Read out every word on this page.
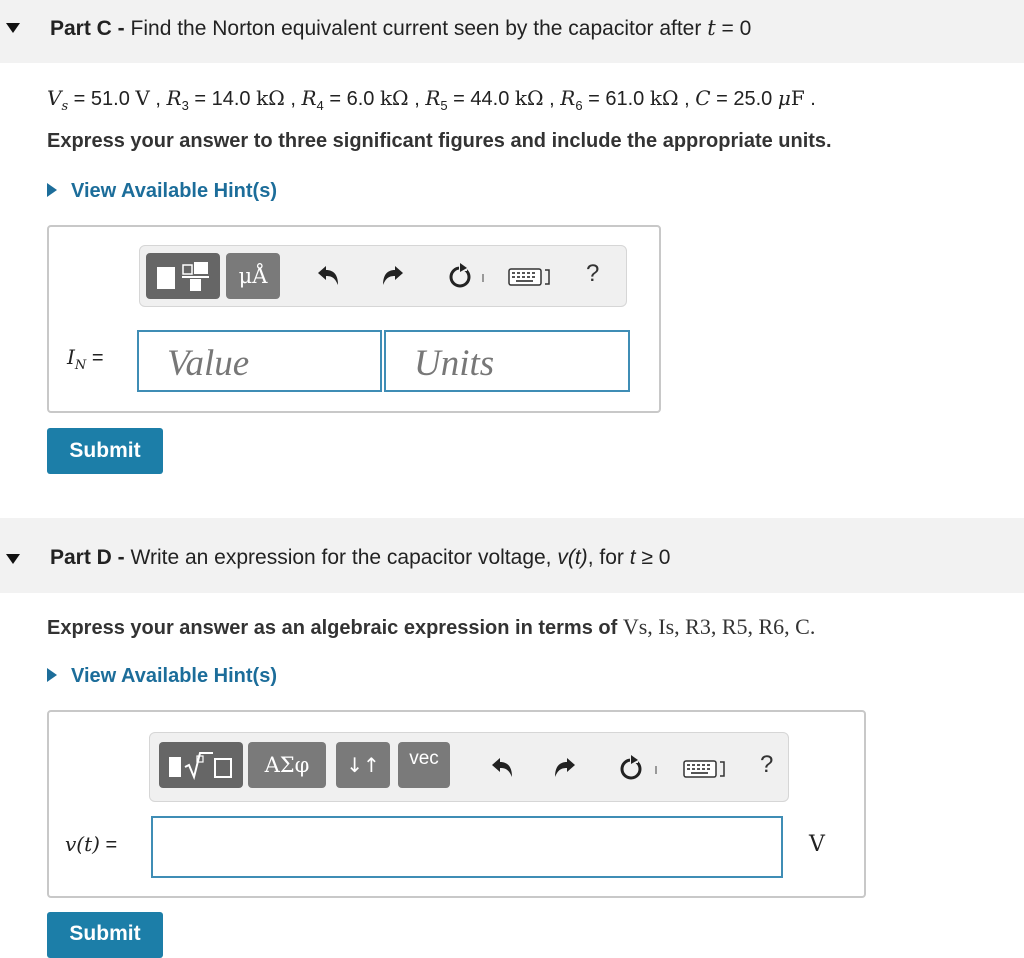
Part C - Find the Norton equivalent current seen by the capacitor after t = 0
$V_s = 51.0$ V , $R_3 = 14.0$ kΩ , $R_4 = 6.0$ kΩ , $R_5 = 44.0$ kΩ , $R_6 = 61.0$ kΩ , C = 25.0 μF .
Express your answer to three significant figures and include the appropriate units.
View Available Hint(s)
μÅ	?
$I_N$ = Value	Units
Submit
Part D - Write an expression for the capacitor voltage, v(t), for t ≥ 0
Express your answer as an algebraic expression in terms of Vs, Is, R3, R5, R6, C.
View Available Hint(s)
ΑΣφ	↓↑	vec	?
v(t) =	V
Submit
